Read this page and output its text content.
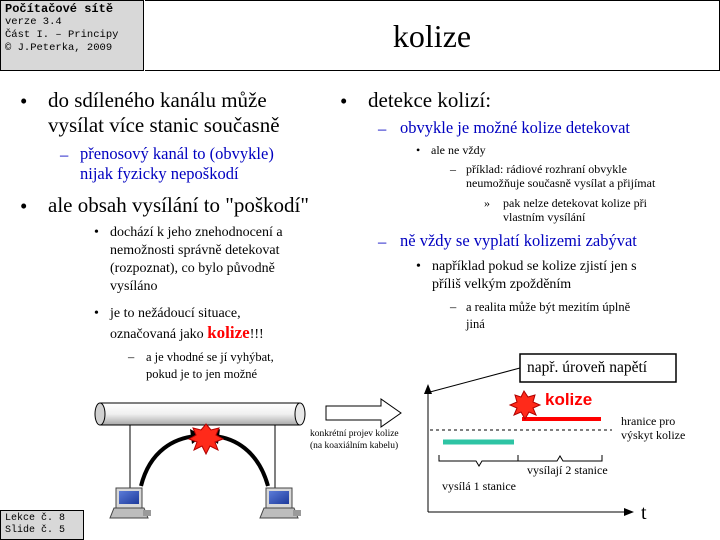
Počítačové sítě
verze 3.4
Část I. – Principy
© J.Peterka, 2009	kolize
• do sdíleného kanálu může
vysílat více stanic současně
– přenosový kanál to (obvykle)
nijak fyzicky nepoškodí
• ale obsah vysílání to "poškodí"
• dochází k jeho znehodnocení a
nemožnosti správně detekovat
(rozpoznat), co bylo původně
vysíláno
• je to nežádoucí situace,
označovaná jako kolize!!!
– a je vhodné se jí vyhýbat,
pokud je to jen možné
• detekce kolizí:
– obvykle je možné kolize detekovat
• ale ne vždy
– příklad: rádiové rozhraní obvykle
neumožňuje současně vysílat a přijímat
» pak nelze detekovat kolize při
vlastním vysílání
– ně vždy se vyplatí kolizemi zabývat
• například pokud se kolize zjistí jen s
příliš velkým zpožděním
– a realita může být mezitím úplně
jiná
konkrétní projev kolize
(na koaxiálním kabelu)
např. úroveň napětí
kolize
hranice pro
výskyt kolize
vysílají 2 stanice
vysílá 1 stanice
t
Lekce č. 8
Slide č. 5
